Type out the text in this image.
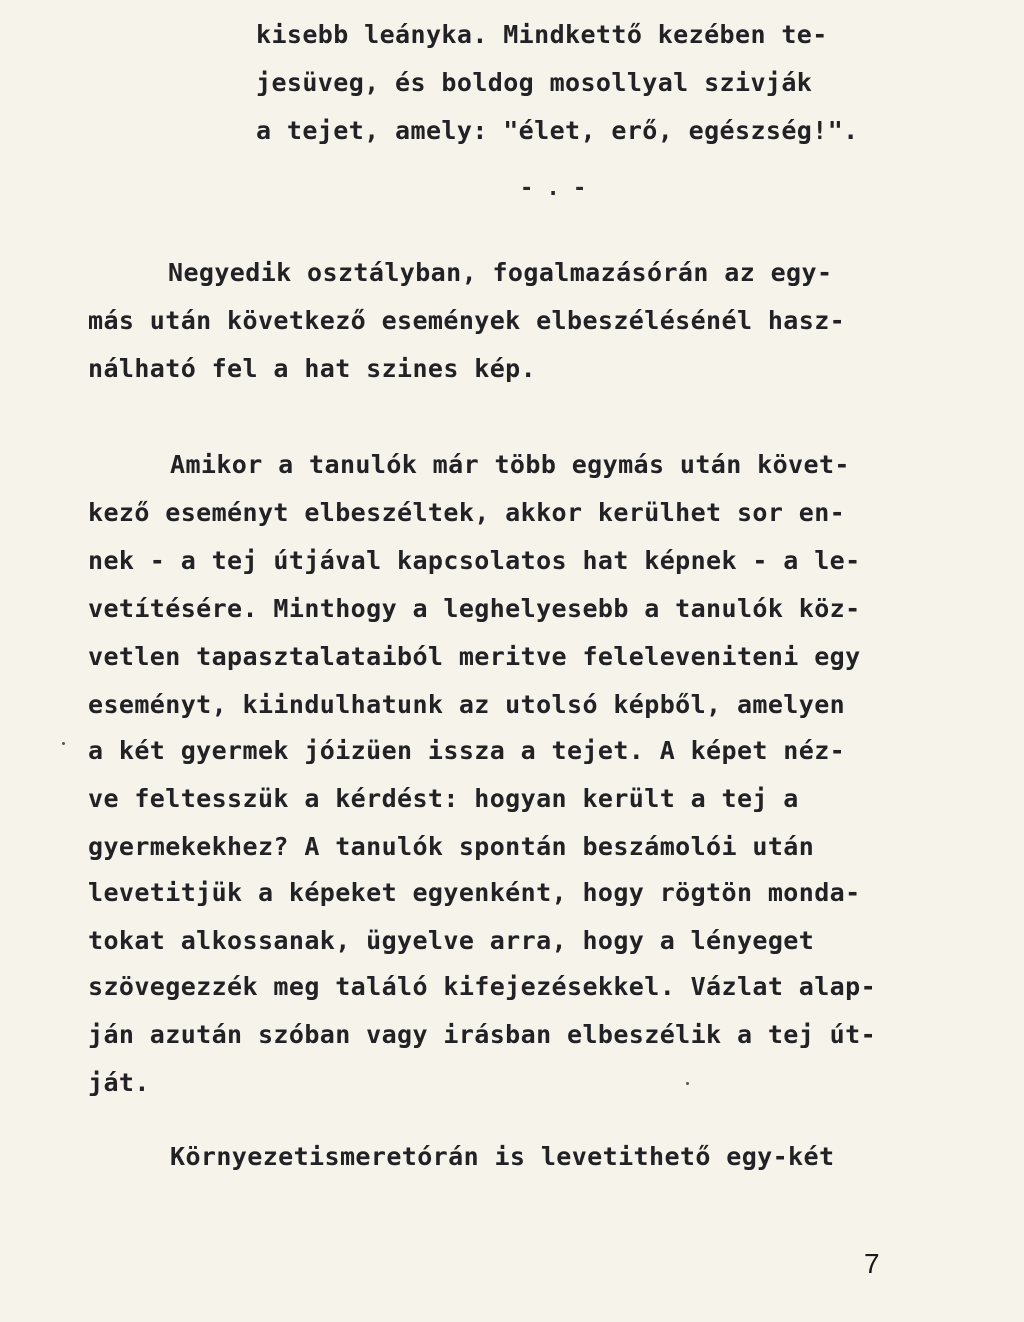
kisebb leányka. Mindkettő kezében te-
jesüveg, és boldog mosollyal szivják
a tejet, amely: "élet, erő, egészség!".
- . -
Negyedik osztályban, fogalmazásórán az egy-
más után következő események elbeszélésénél hasz-
nálható fel a hat szines kép.
Amikor a tanulók már több egymás után követ-
kező eseményt elbeszéltek, akkor kerülhet sor en-
nek - a tej útjával kapcsolatos hat képnek - a le-
vetítésére. Minthogy a leghelyesebb a tanulók köz-
vetlen tapasztalataiból meritve feleleveniteni egy
eseményt, kiindulhatunk az utolsó képből, amelyen
a két gyermek jóizüen issza a tejet. A képet néz-
ve feltesszük a kérdést: hogyan került a tej a
gyermekekhez? A tanulók spontán beszámolói után
levetitjük a képeket egyenként, hogy rögtön monda-
tokat alkossanak, ügyelve arra, hogy a lényeget
szövegezzék meg találó kifejezésekkel. Vázlat alap-
ján azután szóban vagy irásban elbeszélik a tej út-
ját.
Környezetismeretórán is levetithető egy-két
7
